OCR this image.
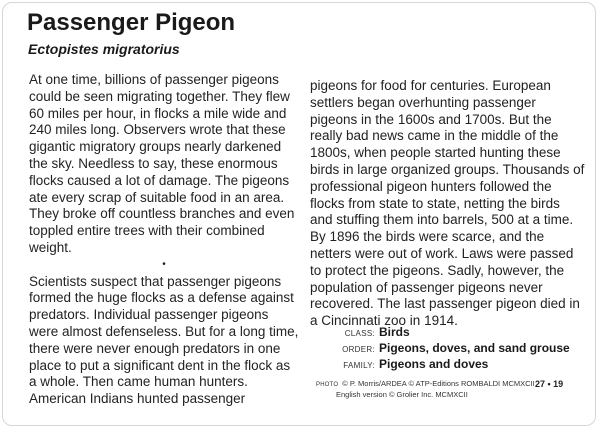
Passenger Pigeon
Ectopistes migratorius

At one time, billions of passenger pigeons could be seen migrating together. They flew 60 miles per hour, in flocks a mile wide and 240 miles long. Observers wrote that these gigantic migratory groups nearly darkened the sky. Needless to say, these enormous flocks caused a lot of damage. The pigeons ate every scrap of suitable food in an area. They broke off countless branches and even toppled entire trees with their combined weight.

•

Scientists suspect that passenger pigeons formed the huge flocks as a defense against predators. Individual passenger pigeons were almost defenseless. But for a long time, there were never enough predators in one place to put a significant dent in the flock as a whole. Then came human hunters. American Indians hunted passenger

pigeons for food for centuries. European settlers began overhunting passenger pigeons in the 1600s and 1700s. But the really bad news came in the middle of the 1800s, when people started hunting these birds in large organized groups. Thousands of professional pigeon hunters followed the flocks from state to state, netting the birds and stuffing them into barrels, 500 at a time. By 1896 the birds were scarce, and the netters were out of work. Laws were passed to protect the pigeons. Sadly, however, the population of passenger pigeons never recovered. The last passenger pigeon died in a Cincinnati zoo in 1914.

CLASS: Birds
ORDER: Pigeons, doves, and sand grouse
FAMILY: Pigeons and doves
PHOTO © P. Morris/ARDEA © ATP-Editions ROMBALDI MCMXCII
English version © Grolier Inc. MCMXCII
27 • 19
